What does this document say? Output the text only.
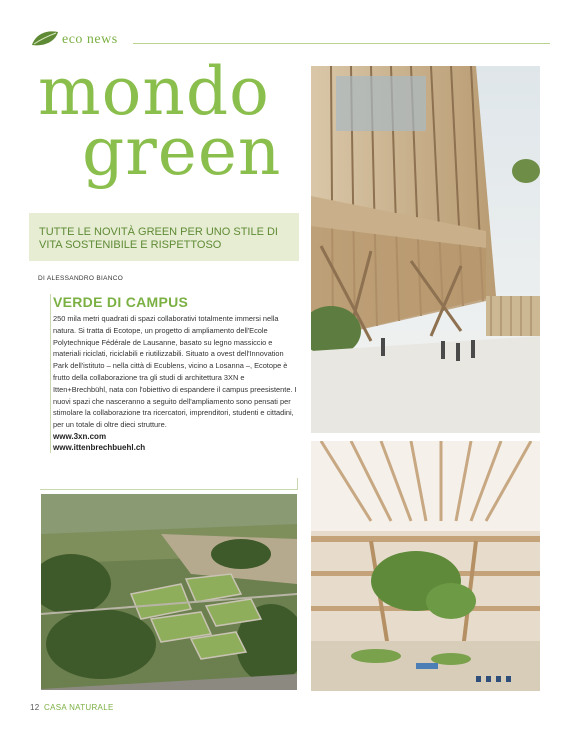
eco news
mondo
green
TUTTE LE NOVITÀ GREEN PER UNO STILE DI VITA SOSTENIBILE E RISPETTOSO
DI ALESSANDRO BIANCO
VERDE DI CAMPUS

250 mila metri quadrati di spazi collaborativi totalmente immersi nella natura. Si tratta di Ecotope, un progetto di ampliamento dell'Ecole Polytechnique Fédérale de Lausanne, basato su legno massiccio e materiali riciclati, riciclabili e riutilizzabili. Situato a ovest dell'Innovation Park dell'istituto – nella città di Ecublens, vicino a Losanna –, Ecotope è frutto della collaborazione tra gli studi di architettura 3XN e Itten+Brechbühl, nata con l'obiettivo di espandere il campus preesistente. I nuovi spazi che nasceranno a seguito dell'ampliamento sono pensati per stimolare la collaborazione tra ricercatori, imprenditori, studenti e cittadini, per un totale di oltre dieci strutture.

www.3xn.com
www.ittenbrechbuehl.ch
12 CASA NATURALE
